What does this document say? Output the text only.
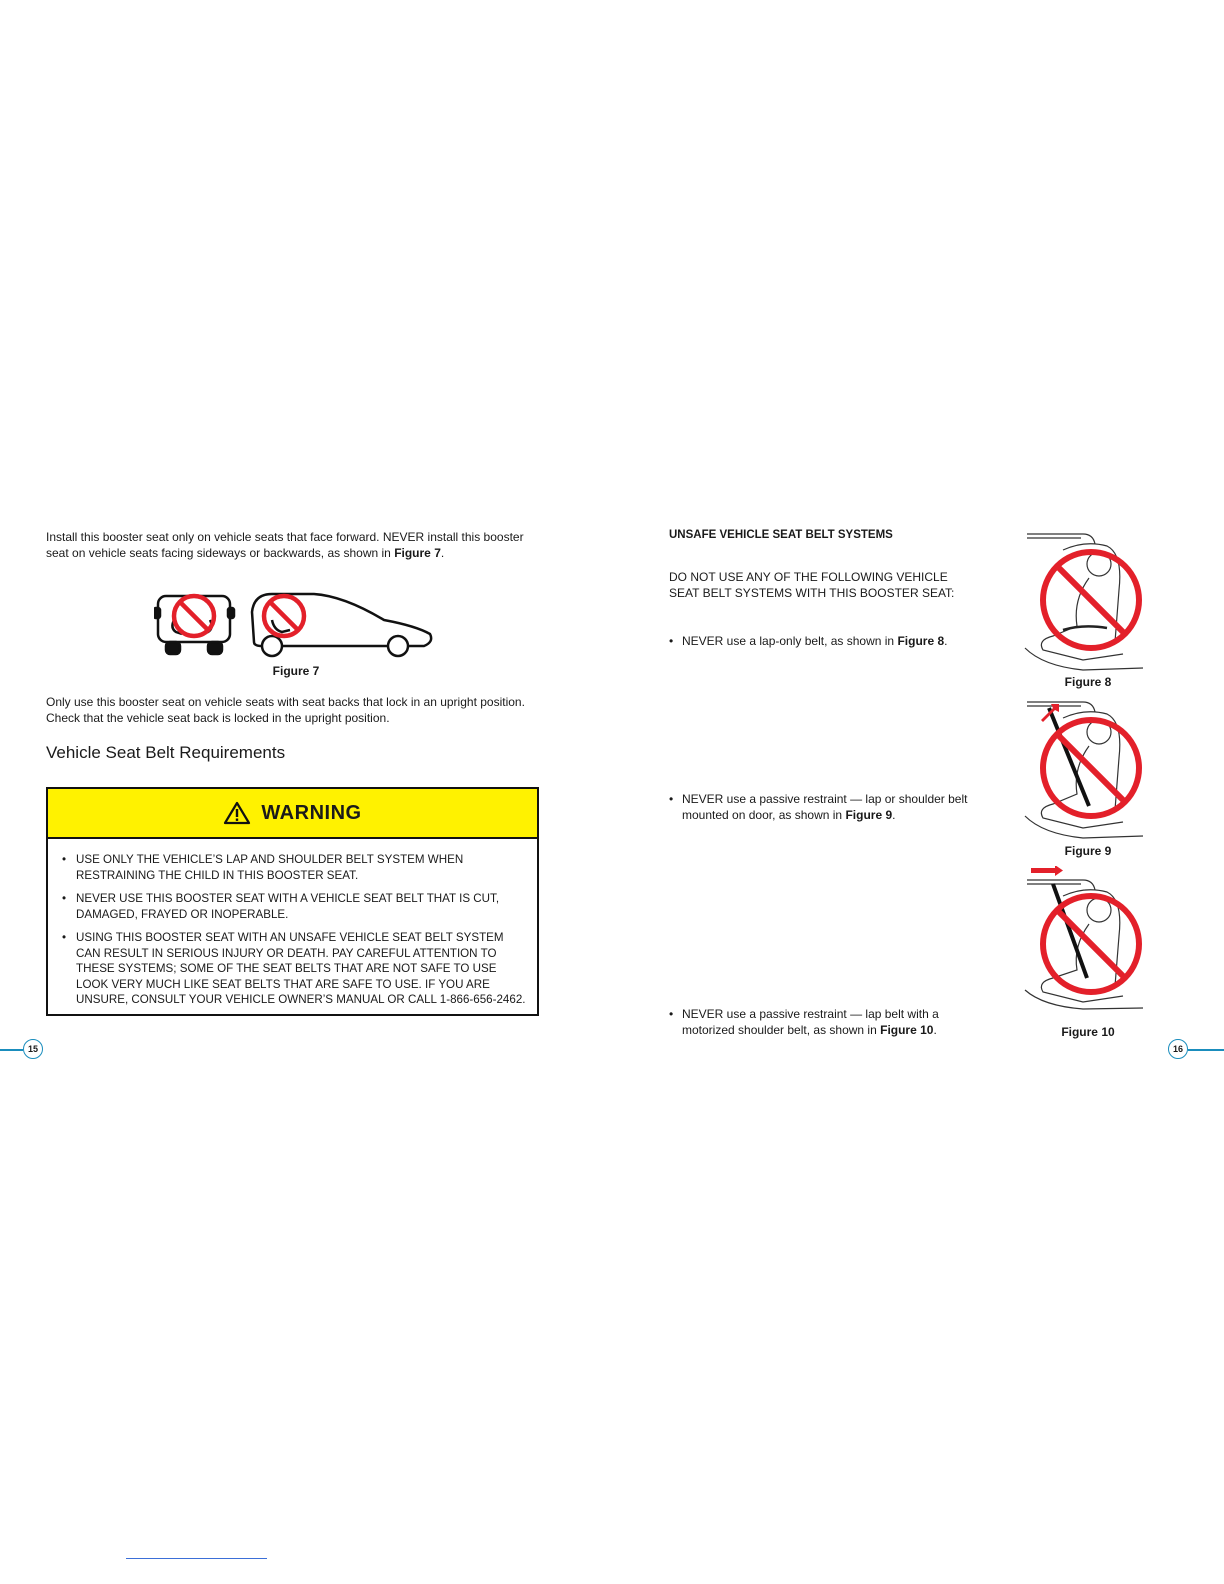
Install this booster seat only on vehicle seats that face forward. NEVER install this booster seat on vehicle seats facing sideways or backwards, as shown in Figure 7.

Figure 7

Only use this booster seat on vehicle seats with seat backs that lock in an upright position. Check that the vehicle seat back is locked in the upright position.

Vehicle Seat Belt Requirements
WARNING
• USE ONLY THE VEHICLE’S LAP AND SHOULDER BELT SYSTEM WHEN RESTRAINING THE CHILD IN THIS BOOSTER SEAT.
• NEVER USE THIS BOOSTER SEAT WITH A VEHICLE SEAT BELT THAT IS CUT, DAMAGED, FRAYED OR INOPERABLE.
• USING THIS BOOSTER SEAT WITH AN UNSAFE VEHICLE SEAT BELT SYSTEM CAN RESULT IN SERIOUS INJURY OR DEATH. PAY CAREFUL ATTENTION TO THESE SYSTEMS; SOME OF THE SEAT BELTS THAT ARE NOT SAFE TO USE LOOK VERY MUCH LIKE SEAT BELTS THAT ARE SAFE TO USE. IF YOU ARE UNSURE, CONSULT YOUR VEHICLE OWNER’S MANUAL OR CALL 1-866-656-2462.
15
UNSAFE VEHICLE SEAT BELT SYSTEMS

DO NOT USE ANY OF THE FOLLOWING VEHICLE SEAT BELT SYSTEMS WITH THIS BOOSTER SEAT:

• NEVER use a lap-only belt, as shown in Figure 8.

• NEVER use a passive restraint — lap or shoulder belt mounted on door, as shown in Figure 9.

• NEVER use a passive restraint — lap belt with a motorized shoulder belt, as shown in Figure 10.

Figure 8
Figure 9
Figure 10
16
